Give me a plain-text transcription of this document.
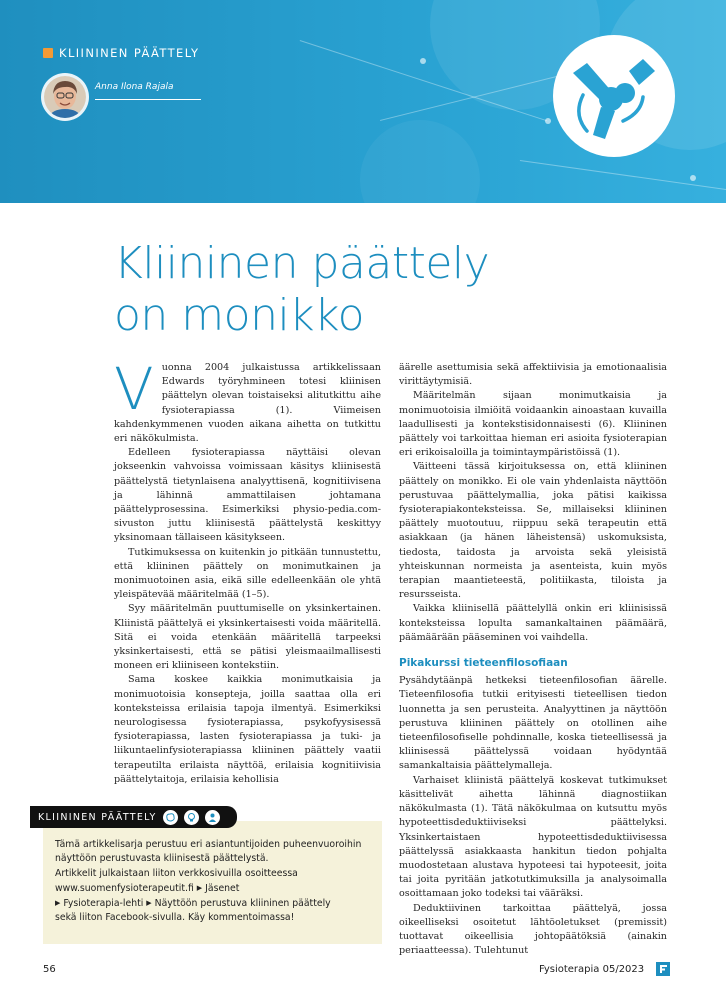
KLIININEN PÄÄTTELY
Anna Ilona Rajala
Kliininen päättely
on monikko
V uonna 2004 julkaistussa artikkelissaan Edwards työryhmineen totesi kliinisen päättelyn olevan toistaiseksi alitutkittu aihe fysioterapiassa (1). Viimeisen kahdenkymmenen vuoden aikana aihetta on tutkittu eri näkökulmista.

Edelleen fysioterapiassa näyttäisi olevan jokseenkin vahvoissa voimissaan käsitys kliinisestä päättelystä tietynlaisena analyyttisenä, kognitiivisena ja lähinnä ammattilaisen johtamana päättelyprosessina. Esimerkiksi physio-pedia.com-sivuston juttu kliinisestä päättelystä keskittyy yksinomaan tällaiseen käsitykseen.

Tutkimuksessa on kuitenkin jo pitkään tunnustettu, että kliininen päättely on monimutkainen ja monimuotoinen asia, eikä sille edelleenkään ole yhtä yleispätevää määritelmää (1–5).

Syy määritelmän puuttumiselle on yksinkertainen. Kliinistä päättelyä ei yksinkertaisesti voida määritellä. Sitä ei voida etenkään määritellä tarpeeksi yksinkertaisesti, että se pätisi yleismaailmallisesti moneen eri kliiniseen kontekstiin.

Sama koskee kaikkia monimutkaisia ja monimuotoisia konsepteja, joilla saattaa olla eri konteksteissa erilaisia tapoja ilmentyä. Esimerkiksi neurologisessa fysioterapiassa, psykofyysisessä fysioterapiassa, lasten fysioterapiassa ja tuki- ja liikuntaelinfysioterapiassa kliininen päättely vaatii terapeutilta erilaista näyttöä, erilaisia kognitiivisia päättelytaitoja, erilaisia kehollisia

äärelle asettumisia sekä affektiivisia ja emotionaalisia virittäytymisiä.

Määritelmän sijaan monimutkaisia ja monimuotoisia ilmiöitä voidaankin ainoastaan kuvailla laadullisesti ja kontekstisidonnaisesti (6). Kliininen päättely voi tarkoittaa hieman eri asioita fysioterapian eri erikoisaloilla ja toimintaympäristöissä (1).

Väitteeni tässä kirjoituksessa on, että kliininen päättely on monikko. Ei ole vain yhdenlaista näyttöön perustuvaa päättelymallia, joka pätisi kaikissa fysioterapiakonteksteissa. Se, millaiseksi kliininen päättely muotoutuu, riippuu sekä terapeutin että asiakkaan (ja hänen läheistensä) uskomuksista, tiedosta, taidosta ja arvoista sekä yleisistä yhteiskunnan normeista ja asenteista, kuin myös terapian maantieteestä, politiikasta, tiloista ja resursseista.

Vaikka kliinisellä päättelyllä onkin eri kliinisissä konteksteissa lopulta samankaltainen päämäärä, päämäärään pääseminen voi vaihdella.

Pikakurssi tieteenfilosofiaan

Pysähdytäänpä hetkeksi tieteenfilosofian äärelle. Tieteenfilosofia tutkii erityisesti tieteellisen tiedon luonnetta ja sen perusteita. Analyyttinen ja näyttöön perustuva kliininen päättely on otollinen aihe tieteenfilosofiselle pohdinnalle, koska tieteellisessä ja kliinisessä päättelyssä voidaan hyödyntää samankaltaisia päättelymalleja.

Varhaiset kliinistä päättelyä koskevat tutkimukset käsittelivät aihetta lähinnä diagnostiikan näkökulmasta (1). Tätä näkökulmaa on kutsuttu myös hypoteettisdeduktiiviseksi päättelyksi. Yksinkertaistaen hypoteettisdeduktiivisessa päättelyssä asiakkaasta hankitun tiedon pohjalta muodostetaan alustava hypoteesi tai hypoteesit, joita tai joita pyritään jatkotutkimuksilla ja analysoimalla osoittamaan joko todeksi tai vääräksi.

Deduktiivinen tarkoittaa päättelyä, jossa oikeelliseksi osoitetut lähtöoletukset (premissit) tuottavat oikeellisia johtopäätöksiä (ainakin periaatteessa). Tulehtunut

KLIININEN PÄÄTTELY

Tämä artikkelisarja perustuu eri asiantuntijoiden puheenvuoroihin näyttöön perustuvasta kliinisestä päättelystä.

Artikkelit julkaistaan liiton verkkosivuilla osoitteessa

www.suomenfysioterapeutit.fi ▶ Jäsenet
▶ Fysioterapia-lehti ▶ Näyttöön perustuva kliininen päättely

sekä liiton Facebook-sivulla. Käy kommentoimassa!

56	Fysioterapia 05/2023
